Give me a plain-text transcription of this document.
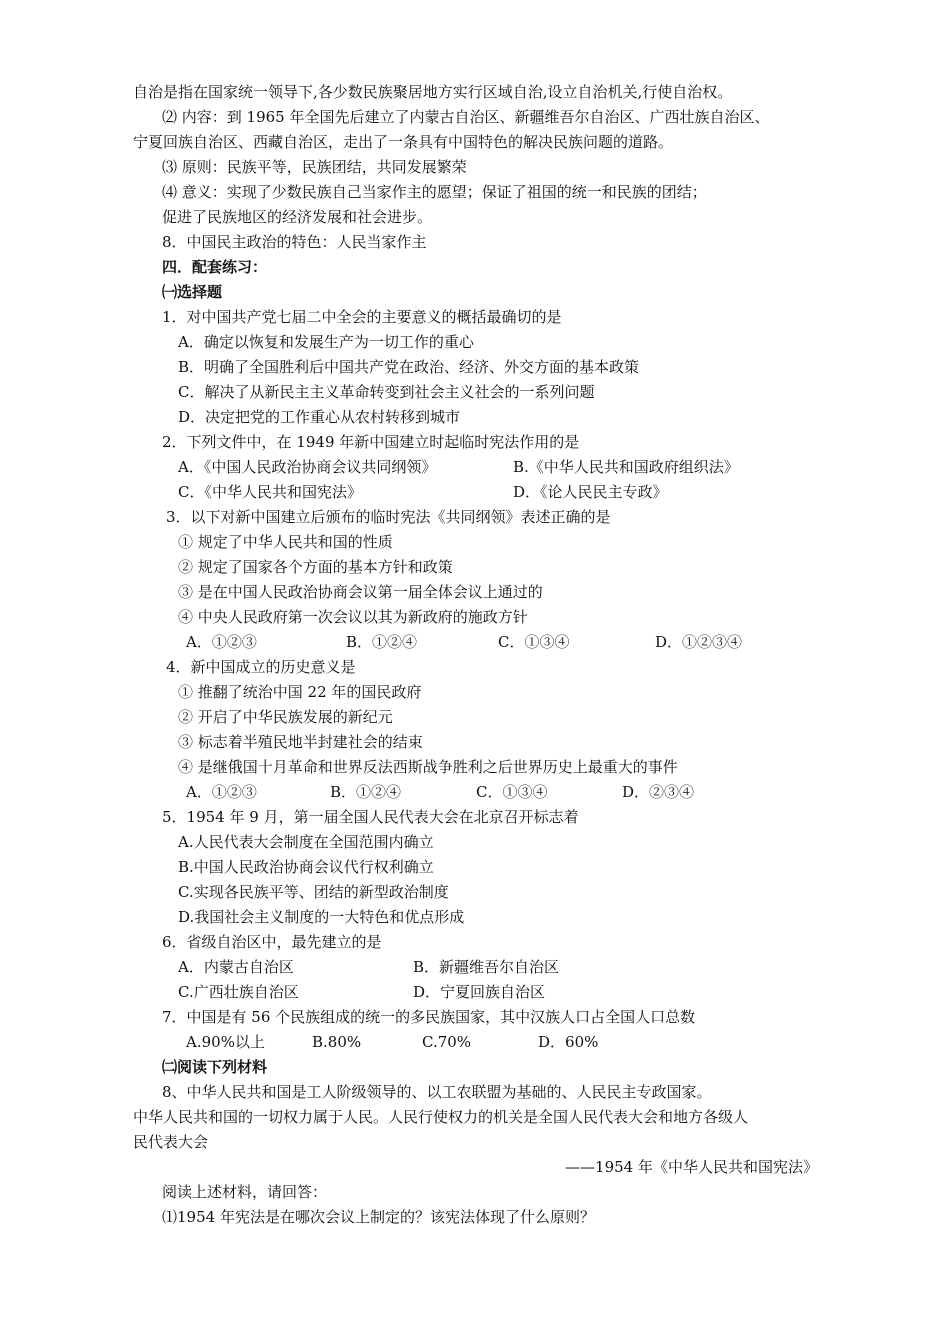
自治是指在国家统一领导下,各少数民族聚居地方实行区域自治,设立自治机关,行使自治权。
⑵ 内容：到 1965 年全国先后建立了内蒙古自治区、新疆维吾尔自治区、广西壮族自治区、
宁夏回族自治区、西藏自治区，走出了一条具有中国特色的解决民族问题的道路。
⑶ 原则：民族平等，民族团结，共同发展繁荣
⑷ 意义：实现了少数民族自己当家作主的愿望；保证了祖国的统一和民族的团结；
促进了民族地区的经济发展和社会进步。
8．中国民主政治的特色：人民当家作主
四．配套练习：
㈠选择题
1．对中国共产党七届二中全会的主要意义的概括最确切的是
A．确定以恢复和发展生产为一切工作的重心
B．明确了全国胜利后中国共产党在政治、经济、外交方面的基本政策
C．解决了从新民主主义革命转变到社会主义社会的一系列问题
D．决定把党的工作重心从农村转移到城市
2．下列文件中，在 1949 年新中国建立时起临时宪法作用的是
A．《中国人民政治协商会议共同纲领》	B.《中华人民共和国政府组织法》
C．《中华人民共和国宪法》	D．《论人民民主专政》
3．以下对新中国建立后颁布的临时宪法《共同纲领》表述正确的是
① 规定了中华人民共和国的性质
② 规定了国家各个方面的基本方针和政策
③ 是在中国人民政治协商会议第一届全体会议上通过的
④ 中央人民政府第一次会议以其为新政府的施政方针
A．①②③	B．①②④	C．①③④	D．①②③④
4．新中国成立的历史意义是
① 推翻了统治中国 22 年的国民政府
② 开启了中华民族发展的新纪元
③ 标志着半殖民地半封建社会的结束
④ 是继俄国十月革命和世界反法西斯战争胜利之后世界历史上最重大的事件
A．①②③	B．①②④	C．①③④	D．②③④
5．1954 年 9 月，第一届全国人民代表大会在北京召开标志着
A.人民代表大会制度在全国范围内确立
B.中国人民政治协商会议代行权利确立
C.实现各民族平等、团结的新型政治制度
D.我国社会主义制度的一大特色和优点形成
6．省级自治区中，最先建立的是
A．内蒙古自治区	B．新疆维吾尔自治区
C.广西壮族自治区	D．宁夏回族自治区
7．中国是有 56 个民族组成的统一的多民族国家，其中汉族人口占全国人口总数
A.90%以上	B.80%	C.70%	D．60%
㈡阅读下列材料
8、中华人民共和国是工人阶级领导的、以工农联盟为基础的、人民民主专政国家。
中华人民共和国的一切权力属于人民。人民行使权力的机关是全国人民代表大会和地方各级人
民代表大会
——1954 年《中华人民共和国宪法》
阅读上述材料，请回答：
⑴1954 年宪法是在哪次会议上制定的？该宪法体现了什么原则？
